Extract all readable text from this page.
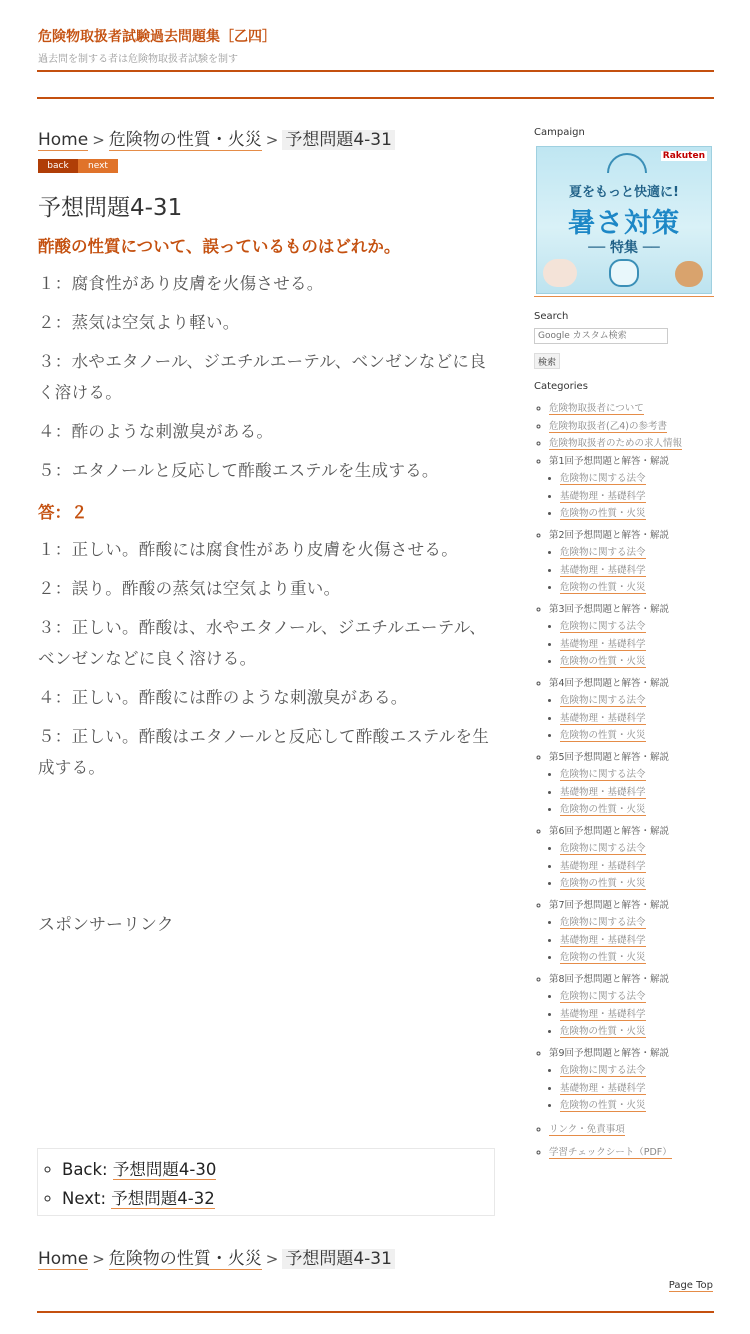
危険物取扱者試験過去問題集［乙四］
過去問を制する者は危険物取扱者試験を制す
Home > 危険物の性質・火災 > 予想問題4-31
back	next
予想問題4-31
酢酸の性質について、誤っているものはどれか。
１：腐食性があり皮膚を火傷させる。
２：蒸気は空気より軽い。
３：水やエタノール、ジエチルエーテル、ベンゼンなどに良く溶ける。
４：酢のような刺激臭がある。
５：エタノールと反応して酢酸エステルを生成する。
答：２
１：正しい。酢酸には腐食性があり皮膚を火傷させる。
２：誤り。酢酸の蒸気は空気より重い。
３：正しい。酢酸は、水やエタノール、ジエチルエーテル、ベンゼンなどに良く溶ける。
４：正しい。酢酸には酢のような刺激臭がある。
５：正しい。酢酸はエタノールと反応して酢酸エステルを生成する。
スポンサーリンク
◦ Back: 予想問題4-30
◦ Next: 予想問題4-32
Home > 危険物の性質・火災 > 予想問題4-31
Page Top
Campaign
Rakuten
夏をもっと快適に!
暑さ対策
── 特集 ──
Search
Google カスタム検索
検索
Categories
◦ 危険物取扱者について
◦ 危険物取扱者(乙4)の参考書
◦ 危険物取扱者のための求人情報
◦ 第1回予想問題と解答・解説
• 危険物に関する法令
• 基礎物理・基礎科学
• 危険物の性質・火災
◦ 第2回予想問題と解答・解説
• 危険物に関する法令
• 基礎物理・基礎科学
• 危険物の性質・火災
◦ 第3回予想問題と解答・解説
• 危険物に関する法令
• 基礎物理・基礎科学
• 危険物の性質・火災
◦ 第4回予想問題と解答・解説
• 危険物に関する法令
• 基礎物理・基礎科学
• 危険物の性質・火災
◦ 第5回予想問題と解答・解説
• 危険物に関する法令
• 基礎物理・基礎科学
• 危険物の性質・火災
◦ 第6回予想問題と解答・解説
• 危険物に関する法令
• 基礎物理・基礎科学
• 危険物の性質・火災
◦ 第7回予想問題と解答・解説
• 危険物に関する法令
• 基礎物理・基礎科学
• 危険物の性質・火災
◦ 第8回予想問題と解答・解説
• 危険物に関する法令
• 基礎物理・基礎科学
• 危険物の性質・火災
◦ 第9回予想問題と解答・解説
• 危険物に関する法令
• 基礎物理・基礎科学
• 危険物の性質・火災
◦ リンク・免責事項
◦ 学習チェックシート（PDF）
